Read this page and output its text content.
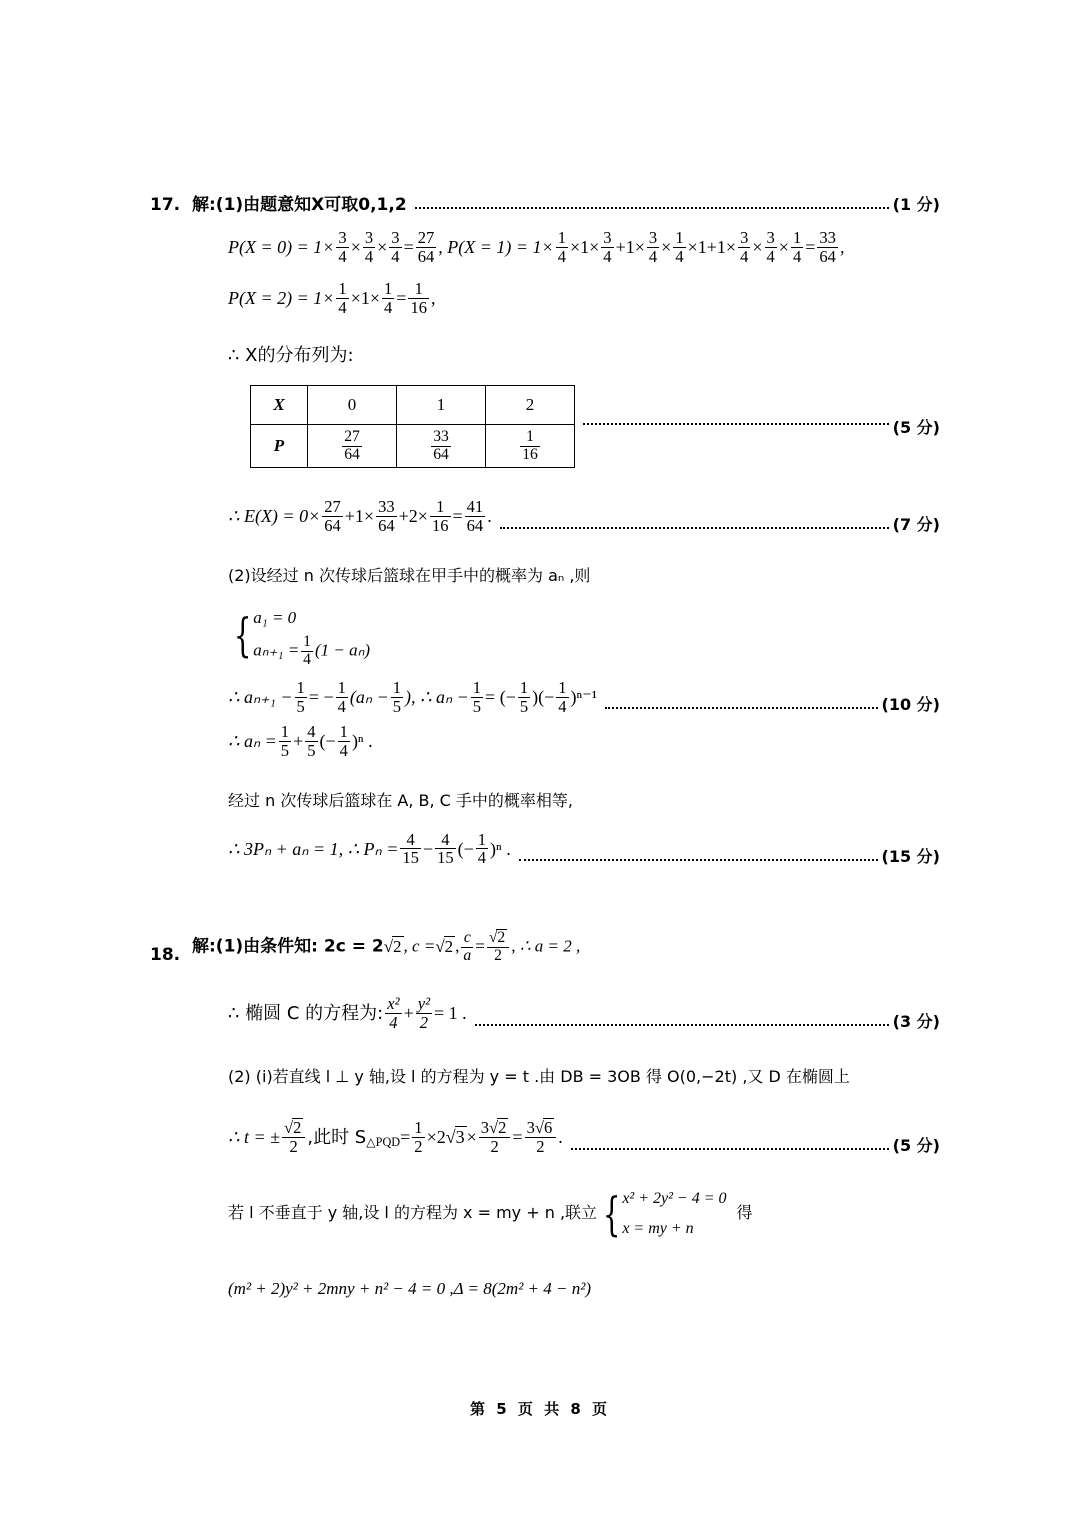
17. 解:(1)由题意知X可取0,1,2	(1 分)
$P(X = 0) = 1\times \frac{3}{4} \times \frac{3}{4} \times \frac{3}{4} = \frac{27}{64}$ , $P(X = 1) = 1\times \frac{1}{4} \times 1\times \frac{3}{4} +1\times \frac{3}{4} \times \frac{1}{4} \times 1+1\times \frac{3}{4} \times \frac{3}{4} \times \frac{1}{4} = \frac{33}{64}$ ,
$P(X = 2) = 1\times \frac{1}{4} \times 1\times \frac{1}{4} = \frac{1}{16}$ ,
∴ X的分布列为:
X	0	1	2
P	$\frac{27}{64}$	$\frac{33}{64}$	$\frac{1}{16}$
(5 分)
∴ $E(X) = 0\times \frac{27}{64} +1\times \frac{33}{64} +2\times \frac{1}{16} = \frac{41}{64}$ .	(7 分)
(2)设经过 n 次传球后篮球在甲手中的概率为 aₙ ,则
{ a₁ = 0
$a_{n+1} = \frac{1}{4} (1 - a_n)$
∴ $a_{n+1} - \frac{1}{5}$ = − $\frac{1}{4} (a_n - \frac{1}{5}$ ), ∴ $a_n - \frac{1}{5}$ = (− $\frac{1}{5}$ )(− $\frac{1}{4} )^{n-1}$	(10 分)
∴ $a_n = \frac{1}{5} + \frac{4}{5}$ (− $\frac{1}{4} )^n$ .
经过 n 次传球后篮球在 A, B, C 手中的概率相等,
∴ 3Pₙ + aₙ = 1, ∴ $P_n = \frac{4}{15} - \frac{4}{15}$ (− $\frac{1}{4} )^n$ .	(15 分)
18. 解:(1)由条件知: 2c = 2√2 , c =√2 , $\frac{c}{a} = \frac{√2}{2}$ , ∴ a = 2 ,
∴ 椭圆 C 的方程为: $\frac{\text{x²}}{4} + \frac{\text{y²}}{2} = 1$ .	(3 分)
(2) (i)若直线 l ⊥ y 轴,设 l 的方程为 y = t .由 DB = 3OB 得 O(0,−2t) ,又 D 在椭圆上
∴ t = ± $\frac{√2}{2}$ ,此时 $S_{\triangle PQD}= \frac{1}{2} \times 2√3 \times \frac{3√2}{2} = \frac{3√6}{2}$ .	(5 分)
若 l 不垂直于 y 轴,设 l 的方程为 x = my + n ,联立 { x² + 2y² − 4 = 0
x = my + n
得
(m² + 2)y² + 2mny + n² − 4 = 0 ,Δ = 8(2m² + 4 − n²)
第 5 页 共 8 页
